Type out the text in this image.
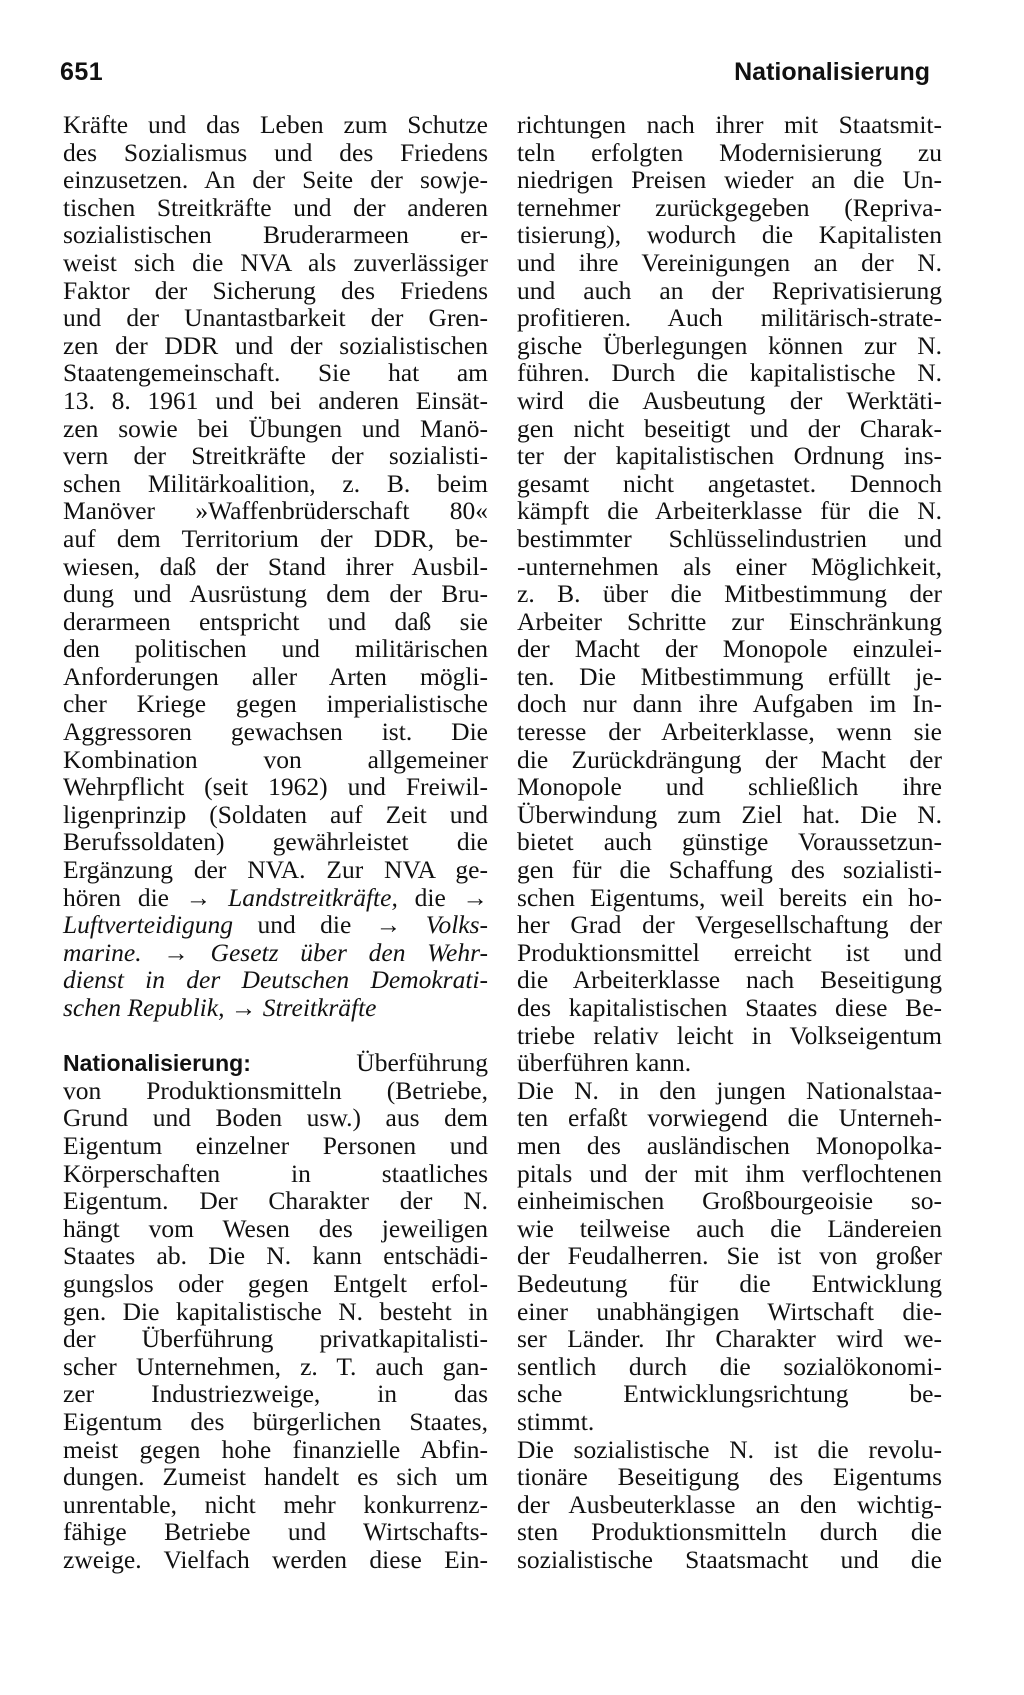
651	Nationalisierung
Kräfte und das Leben zum Schutze
des Sozialismus und des Friedens
einzusetzen. An der Seite der sowje-
tischen Streitkräfte und der anderen
sozialistischen Bruderarmeen er-
weist sich die NVA als zuverlässiger
Faktor der Sicherung des Friedens
und der Unantastbarkeit der Gren-
zen der DDR und der sozialistischen
Staatengemeinschaft. Sie hat am
13. 8. 1961 und bei anderen Einsät-
zen sowie bei Übungen und Manö-
vern der Streitkräfte der sozialisti-
schen Militärkoalition, z. B. beim
Manöver »Waffenbrüderschaft 80«
auf dem Territorium der DDR, be-
wiesen, daß der Stand ihrer Ausbil-
dung und Ausrüstung dem der Bru-
derarmeen entspricht und daß sie
den politischen und militärischen
Anforderungen aller Arten mögli-
cher Kriege gegen imperialistische
Aggressoren gewachsen ist. Die
Kombination von allgemeiner
Wehrpflicht (seit 1962) und Freiwil-
ligenprinzip (Soldaten auf Zeit und
Berufssoldaten) gewährleistet die
Ergänzung der NVA. Zur NVA ge-
hören die → Landstreitkräfte, die →
Luftverteidigung und die → Volks-
marine. → Gesetz über den Wehr-
dienst in der Deutschen Demokrati-
schen Republik, → Streitkräfte
Nationalisierung:	Überführung
von Produktionsmitteln (Betriebe,
Grund und Boden usw.) aus dem
Eigentum einzelner Personen und
Körperschaften in staatliches
Eigentum. Der Charakter der N.
hängt vom Wesen des jeweiligen
Staates ab. Die N. kann entschädi-
gungslos oder gegen Entgelt erfol-
gen. Die kapitalistische N. besteht in
der Überführung privatkapitalisti-
scher Unternehmen, z. T. auch gan-
zer Industriezweige, in das
Eigentum des bürgerlichen Staates,
meist gegen hohe finanzielle Abfin-
dungen. Zumeist handelt es sich um
unrentable, nicht mehr konkurrenz-
fähige Betriebe und Wirtschafts-
zweige. Vielfach werden diese Ein-
richtungen nach ihrer mit Staatsmit-
teln erfolgten Modernisierung zu
niedrigen Preisen wieder an die Un-
ternehmer zurückgegeben (Repriva-
tisierung), wodurch die Kapitalisten
und ihre Vereinigungen an der N.
und auch an der Reprivatisierung
profitieren. Auch militärisch-strate-
gische Überlegungen können zur N.
führen. Durch die kapitalistische N.
wird die Ausbeutung der Werktäti-
gen nicht beseitigt und der Charak-
ter der kapitalistischen Ordnung ins-
gesamt nicht angetastet. Dennoch
kämpft die Arbeiterklasse für die N.
bestimmter Schlüsselindustrien und
-unternehmen als einer Möglichkeit,
z. B. über die Mitbestimmung der
Arbeiter Schritte zur Einschränkung
der Macht der Monopole einzulei-
ten. Die Mitbestimmung erfüllt je-
doch nur dann ihre Aufgaben im In-
teresse der Arbeiterklasse, wenn sie
die Zurückdrängung der Macht der
Monopole und schließlich ihre
Überwindung zum Ziel hat. Die N.
bietet auch günstige Voraussetzun-
gen für die Schaffung des sozialisti-
schen Eigentums, weil bereits ein ho-
her Grad der Vergesellschaftung der
Produktionsmittel erreicht ist und
die Arbeiterklasse nach Beseitigung
des kapitalistischen Staates diese Be-
triebe relativ leicht in Volkseigentum
überführen kann.
Die N. in den jungen Nationalstaa-
ten erfaßt vorwiegend die Unterneh-
men des ausländischen Monopolka-
pitals und der mit ihm verflochtenen
einheimischen Großbourgeoisie so-
wie teilweise auch die Ländereien
der Feudalherren. Sie ist von großer
Bedeutung für die Entwicklung
einer unabhängigen Wirtschaft die-
ser Länder. Ihr Charakter wird we-
sentlich durch die sozialökonomi-
sche Entwicklungsrichtung be-
stimmt.
Die sozialistische N. ist die revolu-
tionäre Beseitigung des Eigentums
der Ausbeuterklasse an den wichtig-
sten Produktionsmitteln durch die
sozialistische Staatsmacht und die
